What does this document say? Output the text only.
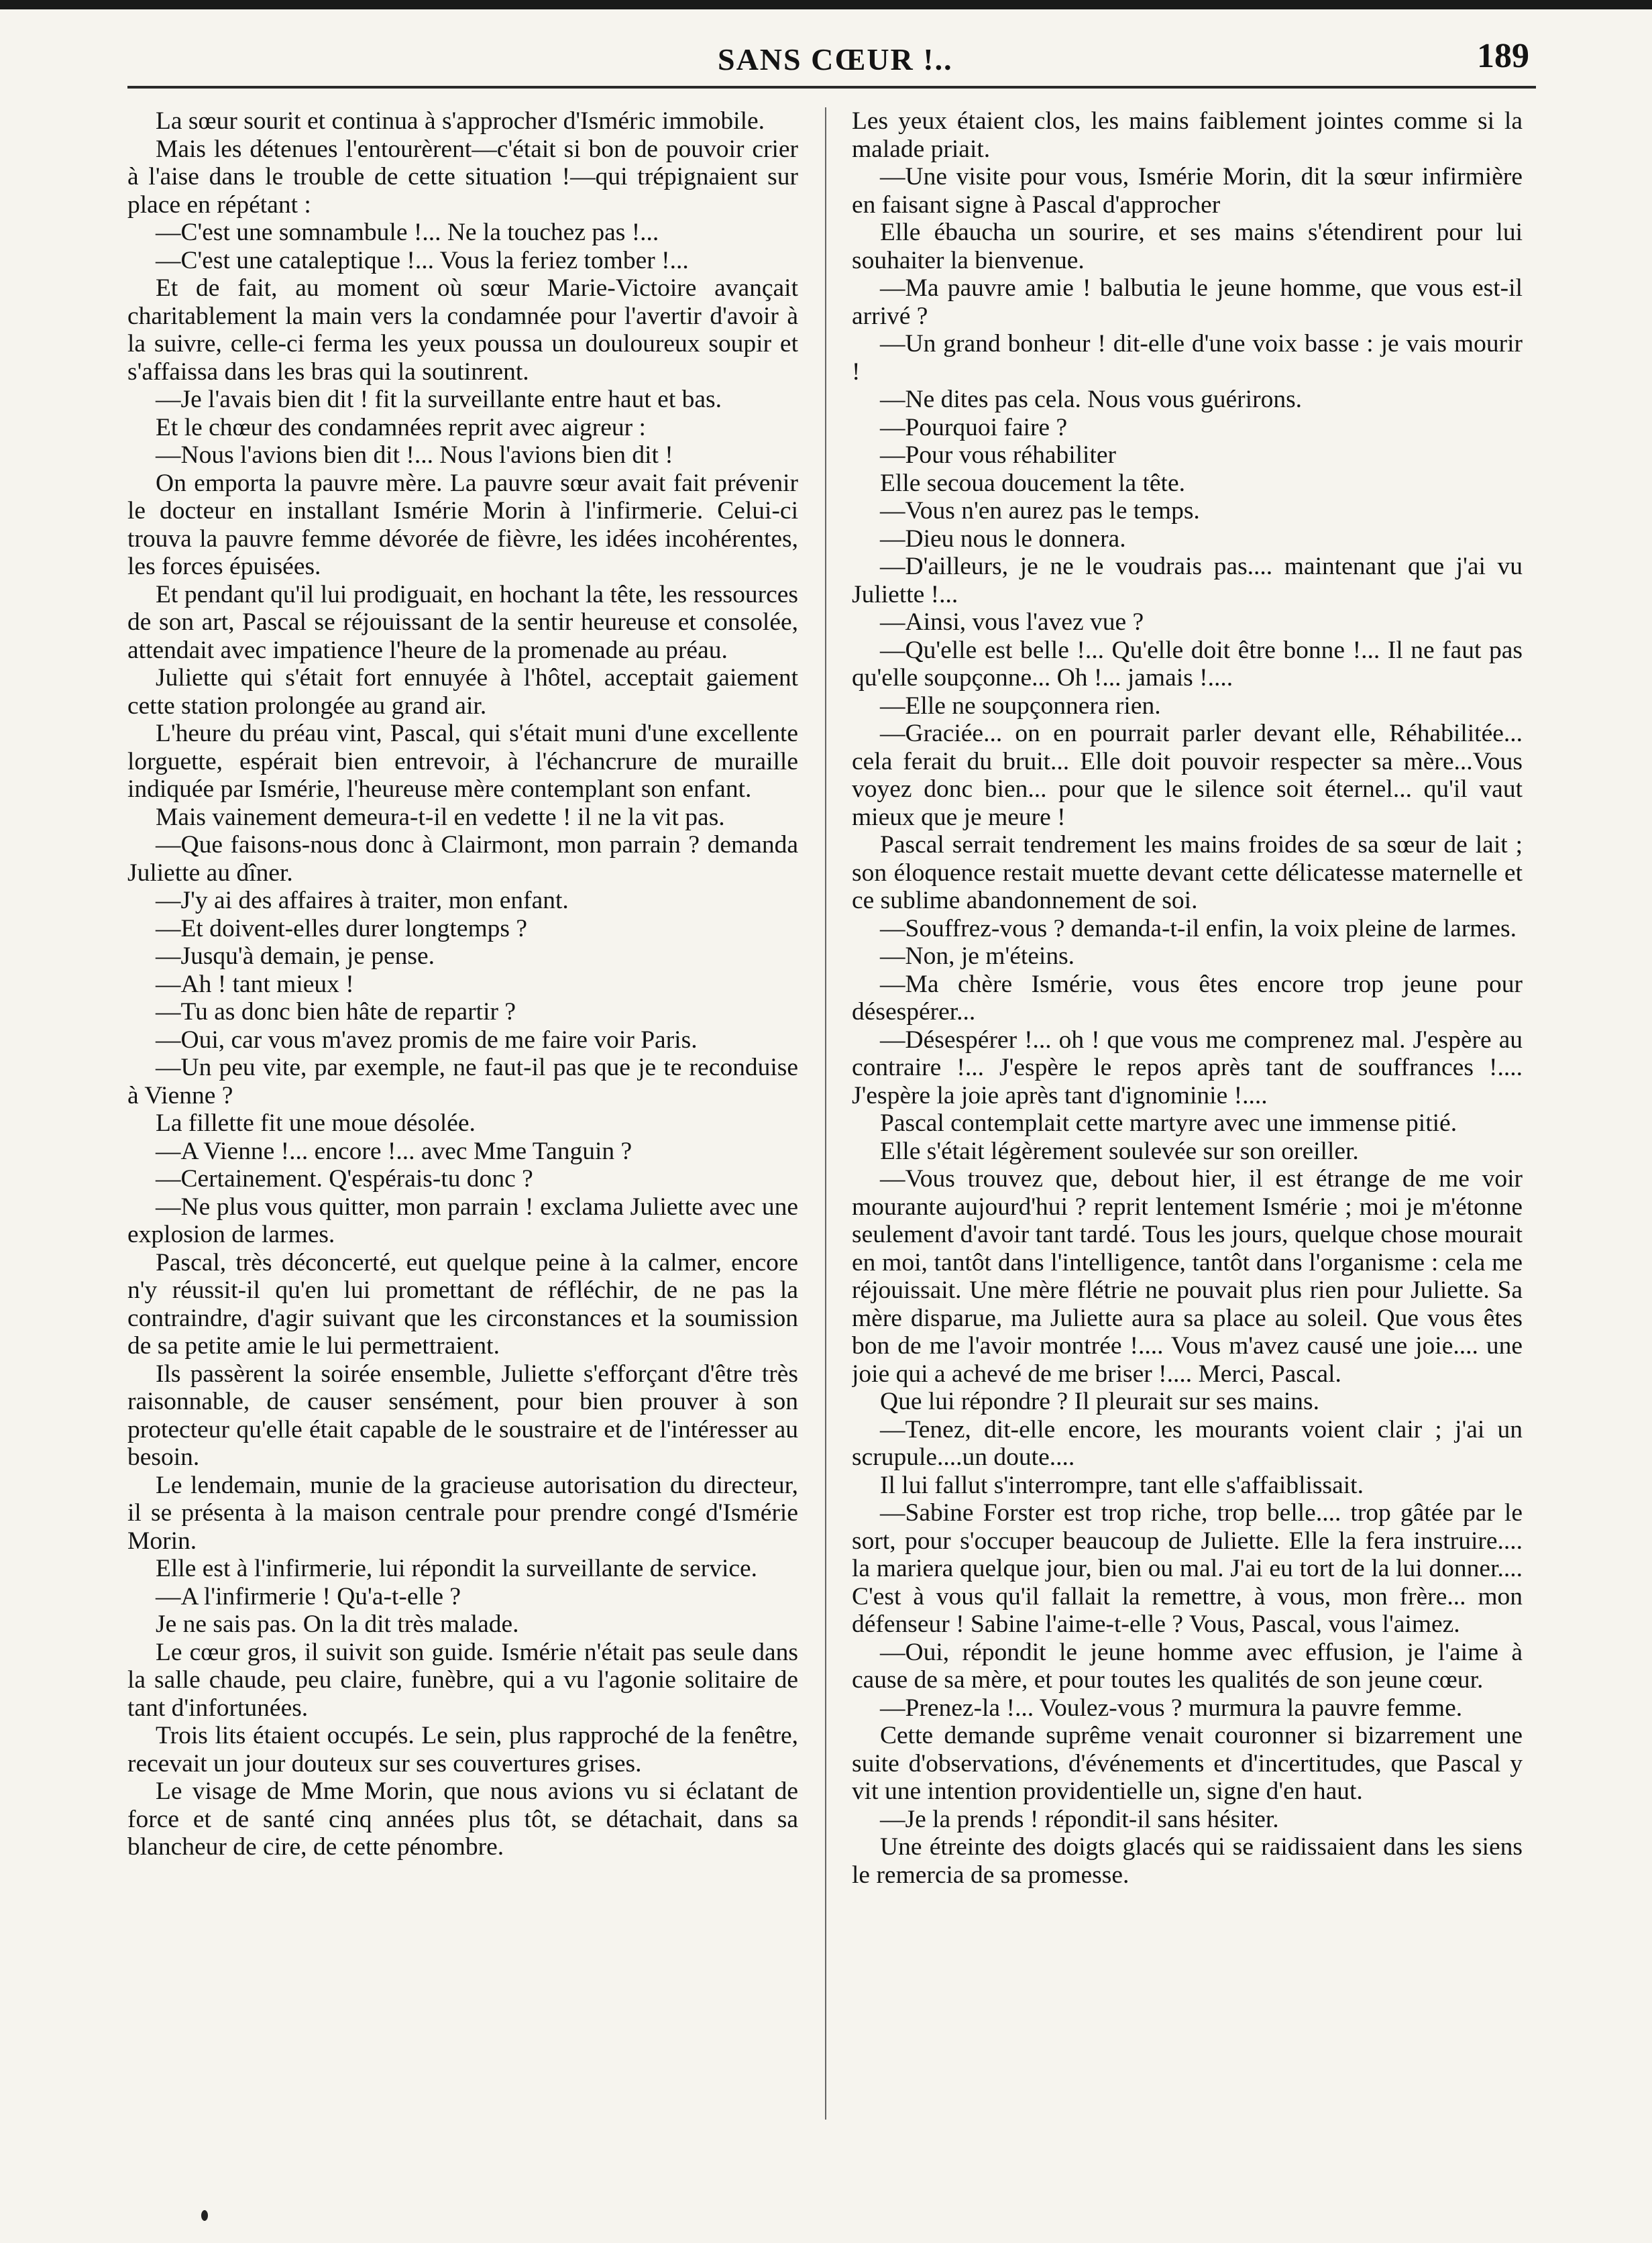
SANS CŒUR !..	189

La sœur sourit et continua à s'approcher d'Isméric immobile.

Mais les détenues l'entourèrent—c'était si bon de pouvoir crier à l'aise dans le trouble de cette situation !—qui trépignaient sur place en répétant :

—C'est une somnambule !... Ne la touchez pas !...

—C'est une cataleptique !... Vous la feriez tomber !...

Et de fait, au moment où sœur Marie-Victoire avançait charitablement la main vers la condamnée pour l'avertir d'avoir à la suivre, celle-ci ferma les yeux poussa un douloureux soupir et s'affaissa dans les bras qui la soutinrent.

—Je l'avais bien dit ! fit la surveillante entre haut et bas.

Et le chœur des condamnées reprit avec aigreur :

—Nous l'avions bien dit !... Nous l'avions bien dit !

On emporta la pauvre mère. La pauvre sœur avait fait prévenir le docteur en installant Ismérie Morin à l'infirmerie. Celui-ci trouva la pauvre femme dévorée de fièvre, les idées incohérentes, les forces épuisées.

Et pendant qu'il lui prodiguait, en hochant la tête, les ressources de son art, Pascal se réjouissant de la sentir heureuse et consolée, attendait avec impatience l'heure de la promenade au préau.

Juliette qui s'était fort ennuyée à l'hôtel, acceptait gaiement cette station prolongée au grand air.

L'heure du préau vint, Pascal, qui s'était muni d'une excellente lorguette, espérait bien entrevoir, à l'échancrure de muraille indiquée par Ismérie, l'heureuse mère contemplant son enfant.

Mais vainement demeura-t-il en vedette ! il ne la vit pas.

—Que faisons-nous donc à Clairmont, mon parrain ? demanda Juliette au dîner.

—J'y ai des affaires à traiter, mon enfant.

—Et doivent-elles durer longtemps ?

—Jusqu'à demain, je pense.

—Ah ! tant mieux !

—Tu as donc bien hâte de repartir ?

—Oui, car vous m'avez promis de me faire voir Paris.

—Un peu vite, par exemple, ne faut-il pas que je te reconduise à Vienne ?

La fillette fit une moue désolée.

—A Vienne !... encore !... avec Mme Tanguin ?

—Certainement. Q'espérais-tu donc ?

—Ne plus vous quitter, mon parrain ! exclama Juliette avec une explosion de larmes.

Pascal, très déconcerté, eut quelque peine à la calmer, encore n'y réussit-il qu'en lui promettant de réfléchir, de ne pas la contraindre, d'agir suivant que les circonstances et la soumission de sa petite amie le lui permettraient.

Ils passèrent la soirée ensemble, Juliette s'efforçant d'être très raisonnable, de causer sensément, pour bien prouver à son protecteur qu'elle était capable de le soustraire et de l'intéresser au besoin.

Le lendemain, munie de la gracieuse autorisation du directeur, il se présenta à la maison centrale pour prendre congé d'Ismérie Morin.

Elle est à l'infirmerie, lui répondit la surveillante de service.

—A l'infirmerie ! Qu'a-t-elle ?

Je ne sais pas. On la dit très malade.

Le cœur gros, il suivit son guide. Ismérie n'était pas seule dans la salle chaude, peu claire, funèbre, qui a vu l'agonie solitaire de tant d'infortunées.

Trois lits étaient occupés. Le sein, plus rapproché de la fenêtre, recevait un jour douteux sur ses couvertures grises.

Le visage de Mme Morin, que nous avions vu si éclatant de force et de santé cinq années plus tôt, se détachait, dans sa blancheur de cire, de cette pénombre.

Les yeux étaient clos, les mains faiblement jointes comme si la malade priait.

—Une visite pour vous, Ismérie Morin, dit la sœur infirmière en faisant signe à Pascal d'approcher

Elle ébaucha un sourire, et ses mains s'étendirent pour lui souhaiter la bienvenue.

—Ma pauvre amie ! balbutia le jeune homme, que vous est-il arrivé ?

—Un grand bonheur ! dit-elle d'une voix basse : je vais mourir !

—Ne dites pas cela. Nous vous guérirons.

—Pourquoi faire ?

—Pour vous réhabiliter

Elle secoua doucement la tête.

—Vous n'en aurez pas le temps.

—Dieu nous le donnera.

—D'ailleurs, je ne le voudrais pas.... maintenant que j'ai vu Juliette !...

—Ainsi, vous l'avez vue ?

—Qu'elle est belle !... Qu'elle doit être bonne !... Il ne faut pas qu'elle soupçonne... Oh !... jamais !....

—Elle ne soupçonnera rien.

—Graciée... on en pourrait parler devant elle, Réhabilitée... cela ferait du bruit... Elle doit pouvoir respecter sa mère...Vous voyez donc bien... pour que le silence soit éternel... qu'il vaut mieux que je meure !

Pascal serrait tendrement les mains froides de sa sœur de lait ; son éloquence restait muette devant cette délicatesse maternelle et ce sublime abandonnement de soi.

—Souffrez-vous ? demanda-t-il enfin, la voix pleine de larmes.

—Non, je m'éteins.

—Ma chère Ismérie, vous êtes encore trop jeune pour désespérer...

—Désespérer !... oh ! que vous me comprenez mal. J'espère au contraire !... J'espère le repos après tant de souffrances !.... J'espère la joie après tant d'ignominie !....

Pascal contemplait cette martyre avec une immense pitié.

Elle s'était légèrement soulevée sur son oreiller.

—Vous trouvez que, debout hier, il est étrange de me voir mourante aujourd'hui ? reprit lentement Ismérie ; moi je m'étonne seulement d'avoir tant tardé. Tous les jours, quelque chose mourait en moi, tantôt dans l'intelligence, tantôt dans l'organisme : cela me réjouissait. Une mère flétrie ne pouvait plus rien pour Juliette. Sa mère disparue, ma Juliette aura sa place au soleil. Que vous êtes bon de me l'avoir montrée !.... Vous m'avez causé une joie.... une joie qui a achevé de me briser !.... Merci, Pascal.

Que lui répondre ? Il pleurait sur ses mains.

—Tenez, dit-elle encore, les mourants voient clair ; j'ai un scrupule....un doute....

Il lui fallut s'interrompre, tant elle s'affaiblissait.

—Sabine Forster est trop riche, trop belle.... trop gâtée par le sort, pour s'occuper beaucoup de Juliette. Elle la fera instruire.... la mariera quelque jour, bien ou mal. J'ai eu tort de la lui donner.... C'est à vous qu'il fallait la remettre, à vous, mon frère... mon défenseur ! Sabine l'aime-t-elle ? Vous, Pascal, vous l'aimez.

—Oui, répondit le jeune homme avec effusion, je l'aime à cause de sa mère, et pour toutes les qualités de son jeune cœur.

—Prenez-la !... Voulez-vous ? murmura la pauvre femme.

Cette demande suprême venait couronner si bizarrement une suite d'observations, d'événements et d'incertitudes, que Pascal y vit une intention providentielle un, signe d'en haut.

—Je la prends ! répondit-il sans hésiter.

Une étreinte des doigts glacés qui se raidissaient dans les siens le remercia de sa promesse.
